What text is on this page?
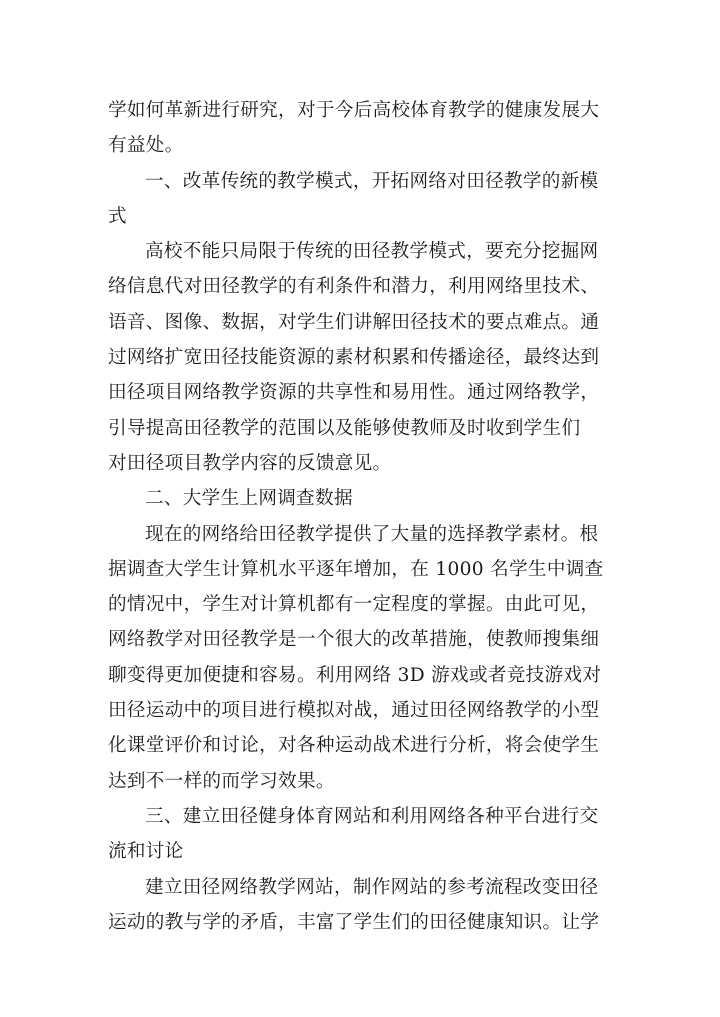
学如何革新进行研究，对于今后高校体育教学的健康发展大
有益处。
一、改革传统的教学模式，开拓网络对田径教学的新模
式
高校不能只局限于传统的田径教学模式，要充分挖掘网
络信息代对田径教学的有利条件和潜力，利用网络里技术、
语音、图像、数据，对学生们讲解田径技术的要点难点。通
过网络扩宽田径技能资源的素材积累和传播途径，最终达到
田径项目网络教学资源的共享性和易用性。通过网络教学，
引导提高田径教学的范围以及能够使教师及时收到学生们
对田径项目教学内容的反馈意见。
二、大学生上网调查数据
现在的网络给田径教学提供了大量的选择教学素材。根
据调查大学生计算机水平逐年增加，在 1000 名学生中调查
的情况中，学生对计算机都有一定程度的掌握。由此可见，
网络教学对田径教学是一个很大的改革措施，使教师搜集细
聊变得更加便捷和容易。利用网络 3D 游戏或者竞技游戏对
田径运动中的项目进行模拟对战，通过田径网络教学的小型
化课堂评价和讨论，对各种运动战术进行分析，将会使学生
达到不一样的而学习效果。
三、建立田径健身体育网站和利用网络各种平台进行交
流和讨论
建立田径网络教学网站，制作网站的参考流程改变田径
运动的教与学的矛盾，丰富了学生们的田径健康知识。让学
